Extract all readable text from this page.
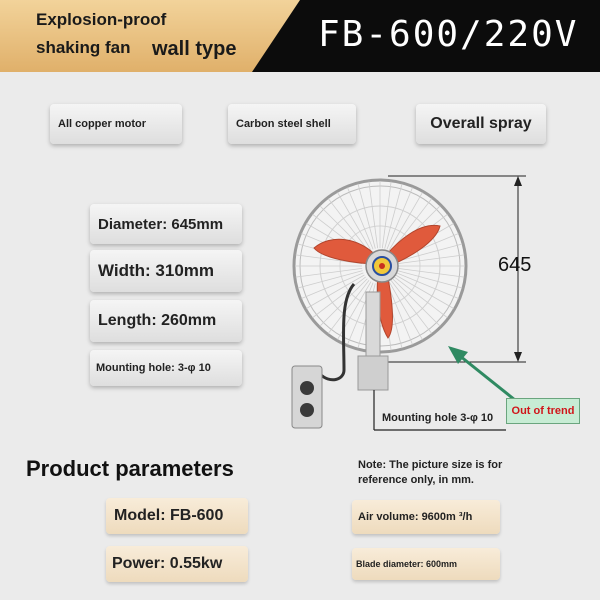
Explosion-proof
shaking fan wall type FB-600/220V
All copper motor	Carbon steel shell	Overall spray
Diameter: 645mm
Width: 310mm
Length: 260mm
Mounting hole: 3-φ 10
645
Mounting hole 3-φ 10
Out of trend
Product parameters	Note: The picture size is for
reference only, in mm.
Model: FB-600
Power: 0.55kw
Air volume: 9600m ³/h
Blade diameter: 600mm
